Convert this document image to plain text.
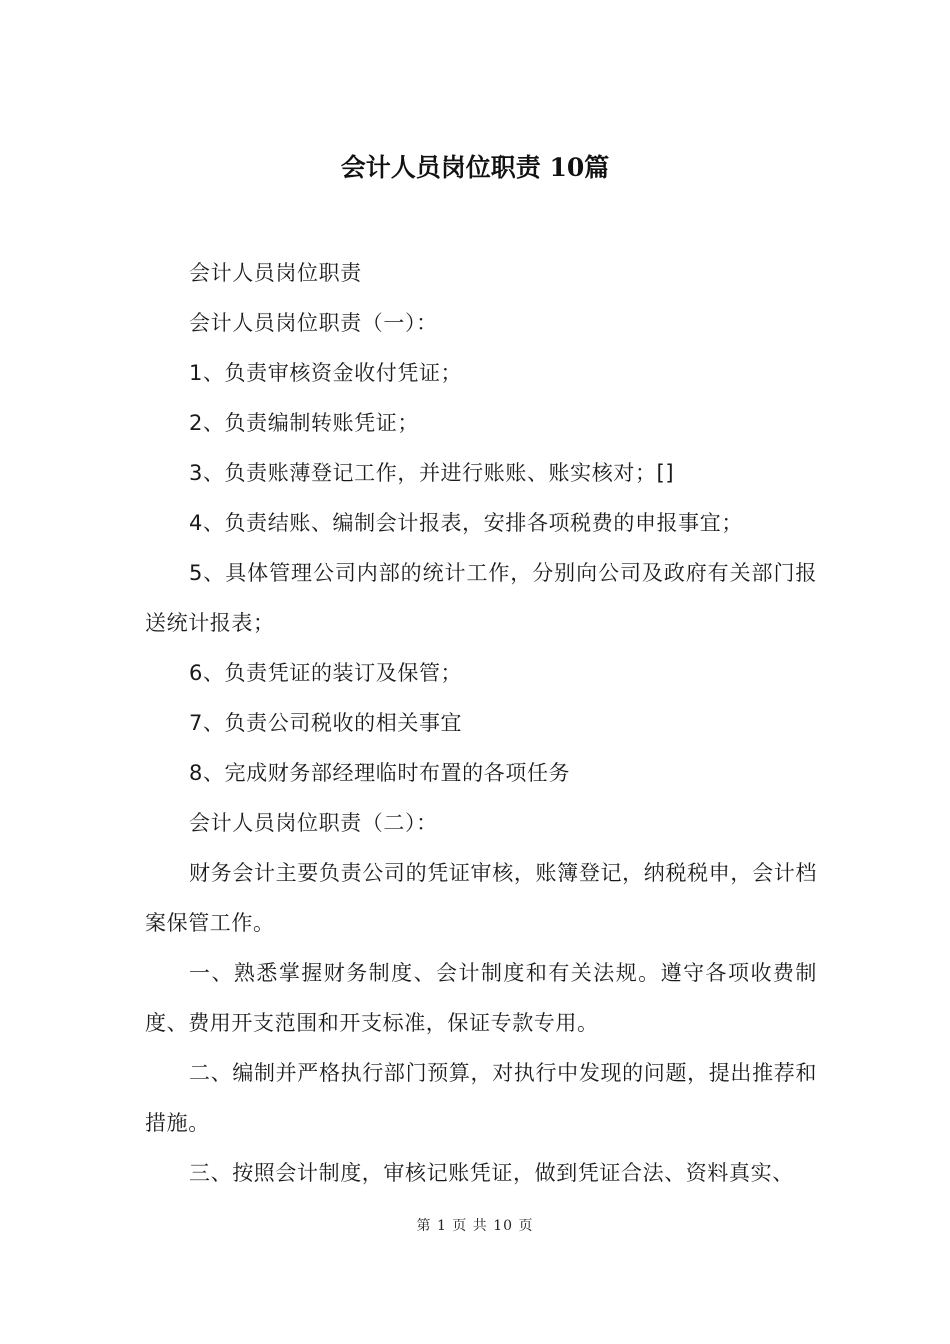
会计人员岗位职责 10篇

会计人员岗位职责

会计人员岗位职责（一）：

1、负责审核资金收付凭证；

2、负责编制转账凭证；

3、负责账薄登记工作，并进行账账、账实核对；[]

4、负责结账、编制会计报表，安排各项税费的申报事宜；

5、具体管理公司内部的统计工作，分别向公司及政府有关部门报送统计报表；

6、负责凭证的装订及保管；

7、负责公司税收的相关事宜

8、完成财务部经理临时布置的各项任务

会计人员岗位职责（二）：

财务会计主要负责公司的凭证审核，账簿登记，纳税税申，会计档案保管工作。

一、熟悉掌握财务制度、会计制度和有关法规。遵守各项收费制度、费用开支范围和开支标准，保证专款专用。

二、编制并严格执行部门预算，对执行中发现的问题，提出推荐和措施。

三、按照会计制度，审核记账凭证，做到凭证合法、资料真实、

第 1 页 共 10 页
